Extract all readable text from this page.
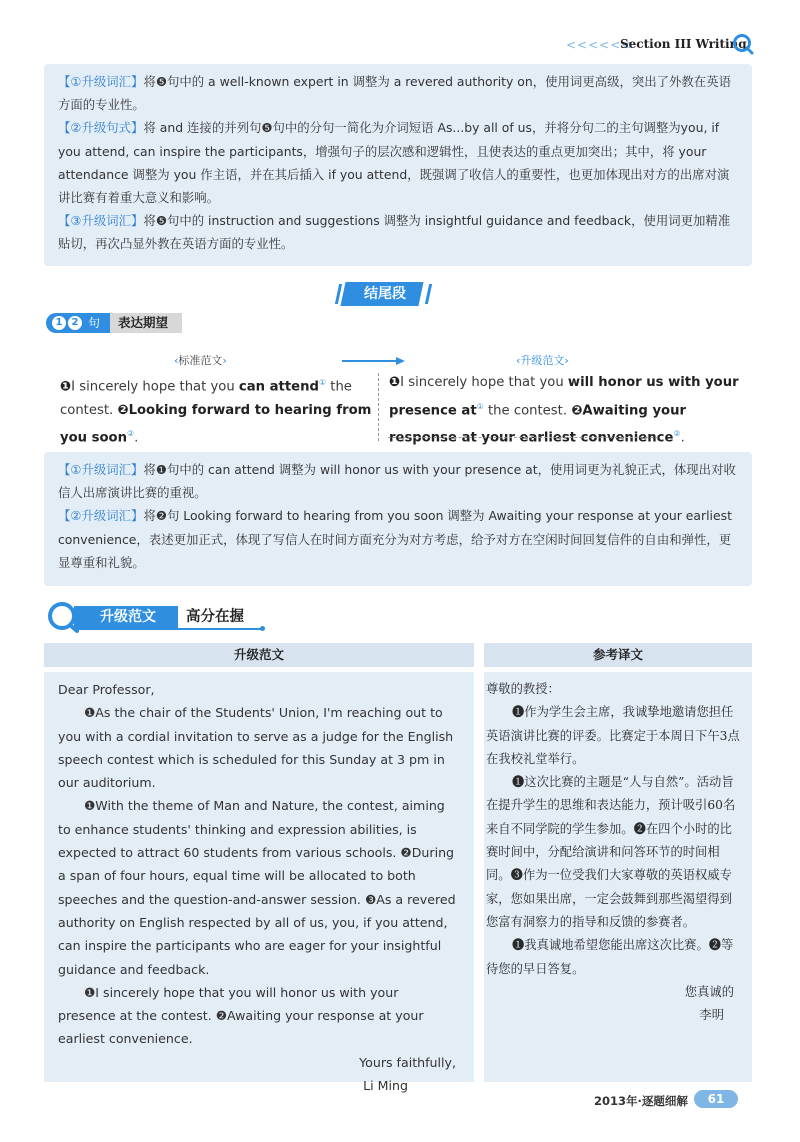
<<<<<<
Section III Writing

【①升级词汇】将❺句中的 a well-known expert in 调整为 a revered authority on，使用词更高级，突出了外教在英语方面的专业性。

【②升级句式】将 and 连接的并列句❺句中的分句一简化为介词短语 As...by all of us，并将分句二的主句调整为you, if you attend, can inspire the participants，增强句子的层次感和逻辑性，且使表达的重点更加突出；其中，将 your attendance 调整为 you 作主语，并在其后插入 if you attend，既强调了收信人的重要性，也更加体现出对方的出席对演讲比赛有着重大意义和影响。

【③升级词汇】将❺句中的 instruction and suggestions 调整为 insightful guidance and feedback，使用词更加精准贴切，再次凸显外教在英语方面的专业性。

结尾段
1 2 句	表达期望
‹标准范文›	‹升级范文›
❶I sincerely hope that you can attend① the contest. ❷Looking forward to hearing from you soon②.
❶I sincerely hope that you will honor us with your presence at① the contest. ❷Awaiting your response at your earliest convenience②.

【①升级词汇】将❶句中的 can attend 调整为 will honor us with your presence at，使用词更为礼貌正式，体现出对收信人出席演讲比赛的重视。

【②升级词汇】将❷句 Looking forward to hearing from you soon 调整为 Awaiting your response at your earliest convenience，表述更加正式，体现了写信人在时间方面充分为对方考虑，给予对方在空闲时间回复信件的自由和弹性，更显尊重和礼貌。

升级范文	高分在握
升级范文

Dear Professor,

❶As the chair of the Students' Union, I'm reaching out to you with a cordial invitation to serve as a judge for the English speech contest which is scheduled for this Sunday at 3 pm in our auditorium.

❶With the theme of Man and Nature, the contest, aiming to enhance students' thinking and expression abilities, is expected to attract 60 students from various schools. ❷During a span of four hours, equal time will be allocated to both speeches and the question-and-answer session. ❸As a revered authority on English respected by all of us, you, if you attend, can inspire the participants who are eager for your insightful guidance and feedback.

❶I sincerely hope that you will honor us with your presence at the contest. ❷Awaiting your response at your earliest convenience.

Yours faithfully,

Li Ming

参考译文

尊敬的教授：

❶作为学生会主席，我诚挚地邀请您担任英语演讲比赛的评委。比赛定于本周日下午3点在我校礼堂举行。

❶这次比赛的主题是“人与自然”。活动旨在提升学生的思维和表达能力，预计吸引60名来自不同学院的学生参加。❷在四个小时的比赛时间中，分配给演讲和问答环节的时间相同。❸作为一位受我们大家尊敬的英语权威专家，您如果出席，一定会鼓舞到那些渴望得到您富有洞察力的指导和反馈的参赛者。

❶我真诚地希望您能出席这次比赛。❷等待您的早日答复。

您真诚的

李明

2013年·逐题细解	61
